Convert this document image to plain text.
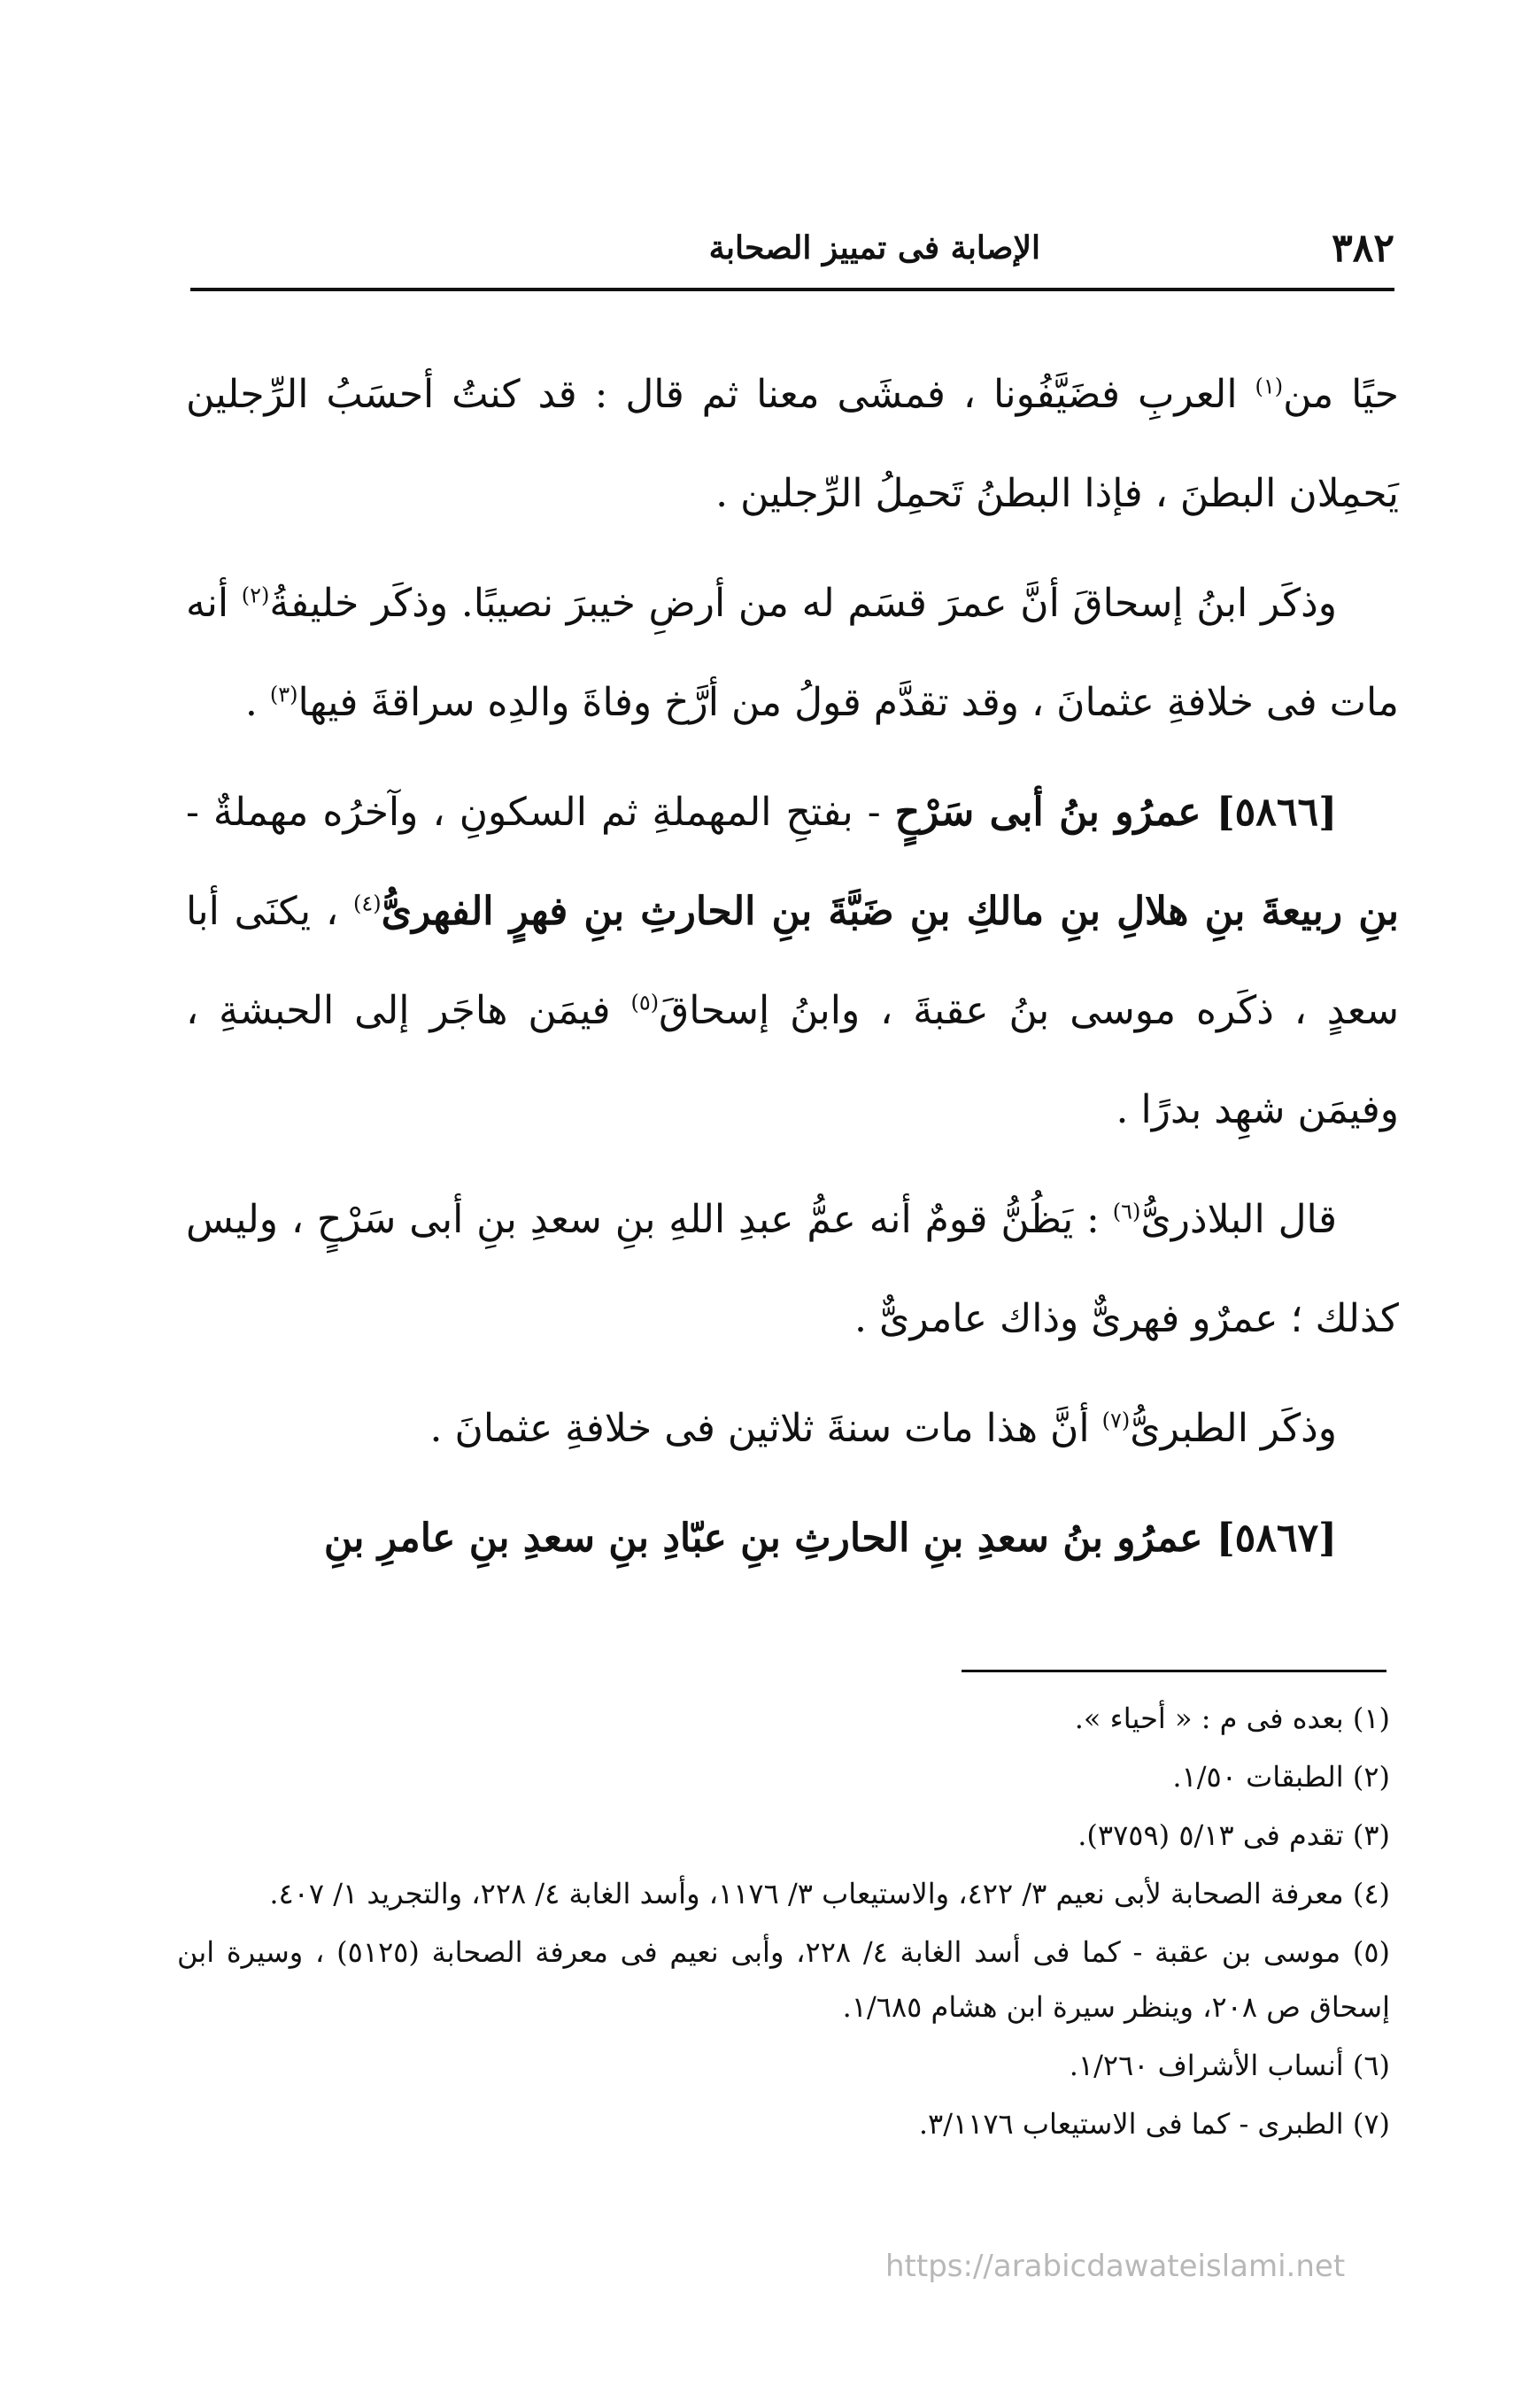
٣٨٢
الإصابة فى تمييز الصحابة

حيًا من$^{(١)}$ العربِ فضَيَّفُونا ، فمشَى معنا ثم قال : قد كنتُ أحسَبُ الرِّجلين يَحمِلان البطنَ ، فإذا البطنُ تَحمِلُ الرِّجلين .

وذكَر ابنُ إسحاقَ أنَّ عمرَ قسَم له من أرضِ خيبرَ نصيبًا. وذكَر خليفةُ$^{(٢)}$ أنه مات فى خلافةِ عثمانَ ، وقد تقدَّم قولُ من أرَّخ وفاةَ والدِه سراقةَ فيها$^{(٣)}$ .

[٥٨٦٦] عمرُو بنُ أبى سَرْحٍ - بفتحِ المهملةِ ثم السكونِ ، وآخرُه مهملةٌ - بنِ ربيعةَ بنِ هلالِ بنِ مالكِ بنِ ضَبَّةَ بنِ الحارثِ بنِ فهرٍ الفهرىُّ$^{(٤)}$ ، يكنَى أبا سعدٍ ، ذكَره موسى بنُ عقبةَ ، وابنُ إسحاقَ$^{(٥)}$ فيمَن هاجَر إلى الحبشةِ ، وفيمَن شهِد بدرًا .

قال البلاذرىُّ$^{(٦)}$ : يَظُنُّ قومٌ أنه عمُّ عبدِ اللهِ بنِ سعدِ بنِ أبى سَرْحٍ ، وليس كذلك ؛ عمرٌو فهرىٌّ وذاك عامرىٌّ .

وذكَر الطبرىُّ$^{(٧)}$ أنَّ هذا مات سنةَ ثلاثين فى خلافةِ عثمانَ .

[٥٨٦٧] عمرُو بنُ سعدِ بنِ الحارثِ بنِ عبّادِ بنِ سعدِ بنِ عامرِ بنِ

(١) بعده فى م : « أحياء ».

(٢) الطبقات ١/٥٠.

(٣) تقدم فى ٥/١٣ (٣٧٥٩).

(٤) معرفة الصحابة لأبى نعيم ٣/ ٤٢٢، والاستيعاب ٣/ ١١٧٦، وأسد الغابة ٤/ ٢٢٨، والتجريد ١/ ٤٠٧.

(٥) موسى بن عقبة - كما فى أسد الغابة ٤/ ٢٢٨، وأبى نعيم فى معرفة الصحابة (٥١٢٥) ، وسيرة ابن إسحاق ص ٢٠٨، وينظر سيرة ابن هشام ١/٦٨٥.

(٦) أنساب الأشراف ١/٢٦٠.

(٧) الطبرى - كما فى الاستيعاب ٣/١١٧٦.

https://arabicdawateislami.net
